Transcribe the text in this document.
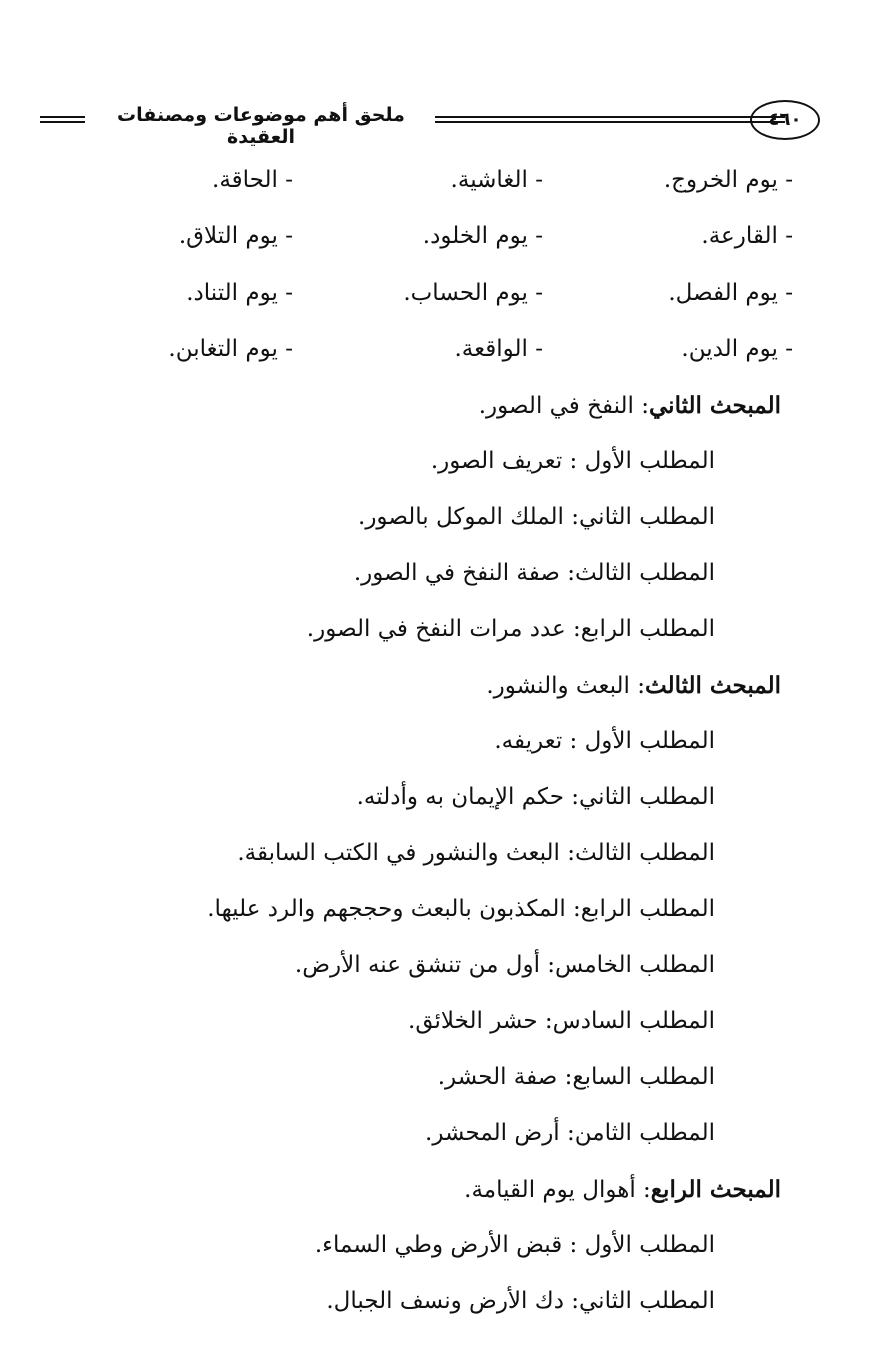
ملحق أهم موضوعات ومصنفات العقيدة
٤٦٠
- يوم الخروج.
- الغاشية.
- الحاقة.
- القارعة.
- يوم الخلود.
- يوم التلاق.
- يوم الفصل.
- يوم الحساب.
- يوم التناد.
- يوم الدين.
- الواقعة.
- يوم التغابن.
المبحث الثاني: النفخ في الصور.
المطلب الأول : تعريف الصور.
المطلب الثاني: الملك الموكل بالصور.
المطلب الثالث: صفة النفخ في الصور.
المطلب الرابع: عدد مرات النفخ في الصور.
المبحث الثالث: البعث والنشور.
المطلب الأول : تعريفه.
المطلب الثاني: حكم الإيمان به وأدلته.
المطلب الثالث: البعث والنشور في الكتب السابقة.
المطلب الرابع: المكذبون بالبعث وحججهم والرد عليها.
المطلب الخامس: أول من تنشق عنه الأرض.
المطلب السادس: حشر الخلائق.
المطلب السابع: صفة الحشر.
المطلب الثامن: أرض المحشر.
المبحث الرابع: أهوال يوم القيامة.
المطلب الأول : قبض الأرض وطي السماء.
المطلب الثاني: دك الأرض ونسف الجبال.
